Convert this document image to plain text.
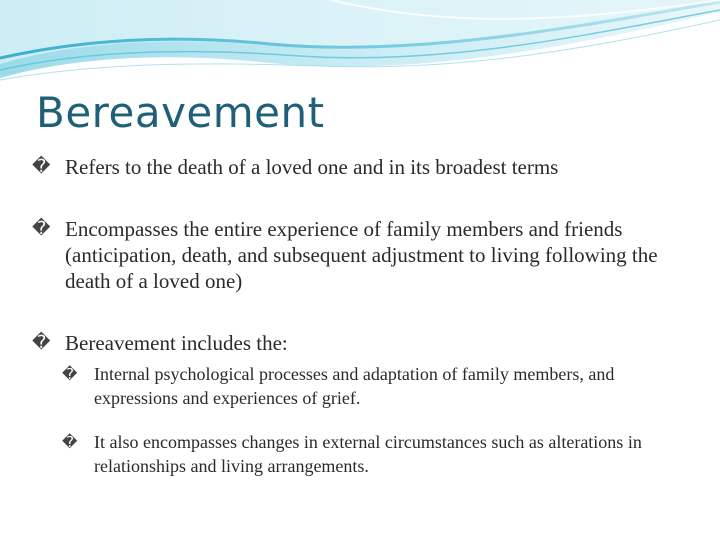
Bereavement
� Refers to the death of a loved one and in its broadest terms
� Encompasses the entire experience of family members and friends (anticipation, death, and subsequent adjustment to living following the death of a loved one)
� Bereavement includes the:
� Internal psychological processes and adaptation of family members, and expressions and experiences of grief.
� It also encompasses changes in external circumstances such as alterations in relationships and living arrangements.
